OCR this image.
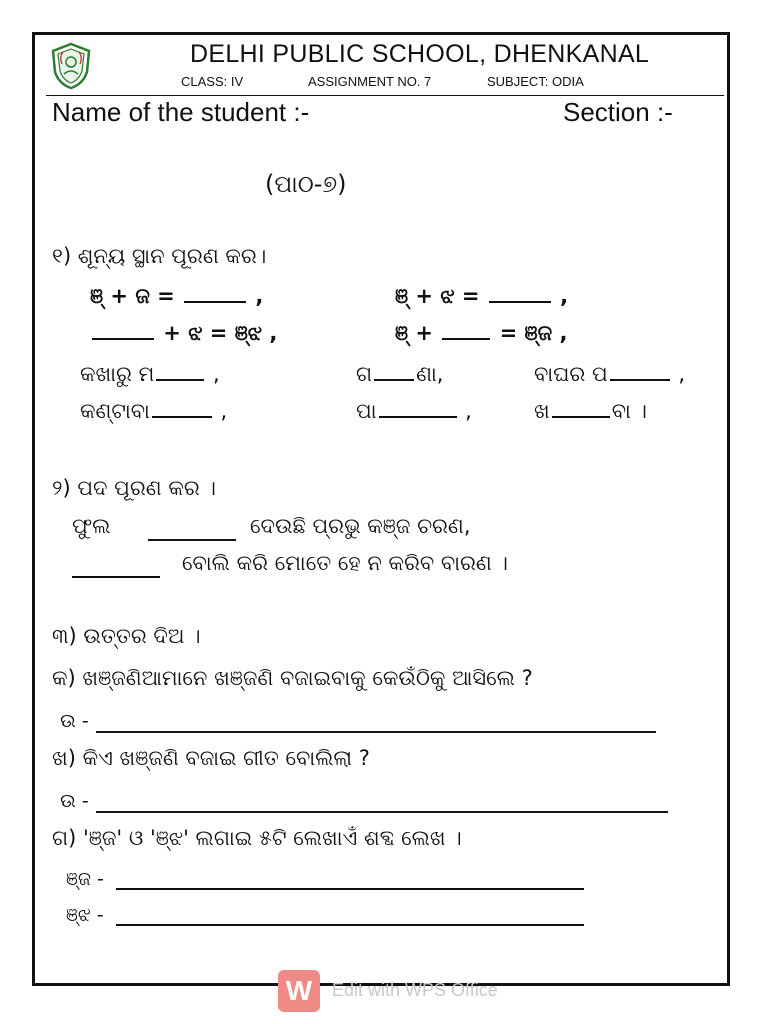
DELHI PUBLIC SCHOOL, DHENKANAL
CLASS: IV	ASSIGNMENT NO. 7	SUBJECT: ODIA
Name of the student :-	Section :-
(ପାଠ-୭)
୧) ଶୂନ୍ୟ ସ୍ଥାନ ପୂରଣ କର।
ଞ୍ + ଜ =	,	ଞ୍ + ଝ =	,
+ ଝ = ଞ୍ଝ ,	ଞ୍ +  = ଞ୍ଜ ,
କଖାରୁ ମ ,	ଗ ଣା,	ବାଘର ପ	,
କଣ୍ଟାବା	,	ପା	,	ଖ	ବା ।
୨) ପଦ ପୂରଣ କର ।
ଫୁଲ	ଦେଉଛି ପ୍ରଭୁ କଞ୍ଜ ଚରଣ,
ବୋଲି କରି ମୋତେ ହେ ନ କରିବ ବାରଣ ।
୩) ଉତ୍ତର ଦିଅ ।
କ) ଖଞ୍ଜଣିଆମାନେ ଖଞ୍ଜଣି ବଜାଇବାକୁ କେଉଁଠିକୁ ଆସିଲେ ?
ଉ -
ଖ) କିଏ ଖଞ୍ଜଣି ବଜାଇ ଗୀତ ବୋଲିଲା ?
ଉ -
ଗ) 'ଞ୍ଜ' ଓ 'ଞ୍ଝ' ଲଗାଇ ୫ଟି ଲେଖାଏଁ ଶବ୍ଦ ଲେଖ ।
ଞ୍ଜ -
ଞ୍ଝ -
W	Edit with WPS Office
